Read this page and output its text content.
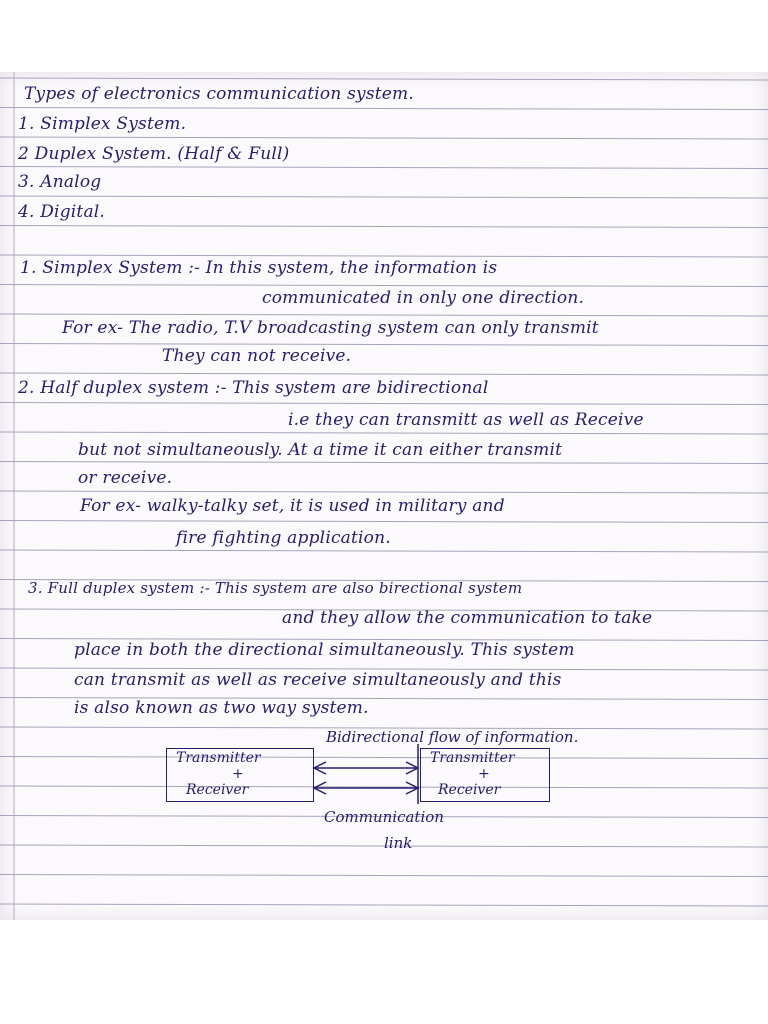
Types of electronics communication system.
1. Simplex System.
2 Duplex System. (Half & Full)
3. Analog
4. Digital.
1. Simplex System :- In this system, the information is
communicated in only one direction.
For ex- The radio, T.V broadcasting system can only transmit
They can not receive.
2. Half duplex system :- This system are bidirectional
i.e they can transmitt as well as Receive
but not simultaneously. At a time it can either transmit
or receive.
For ex- walky-talky set, it is used in military and
fire fighting application.
3. Full duplex system :- This system are also birectional system
and they allow the communication to take
place in both the directional simultaneously. This system
can transmit as well as receive simultaneously and this
is also known as two way system.
Bidirectional flow of information.
Transmitter
+
Receiver
Transmitter
+
Receiver
Communication
link
